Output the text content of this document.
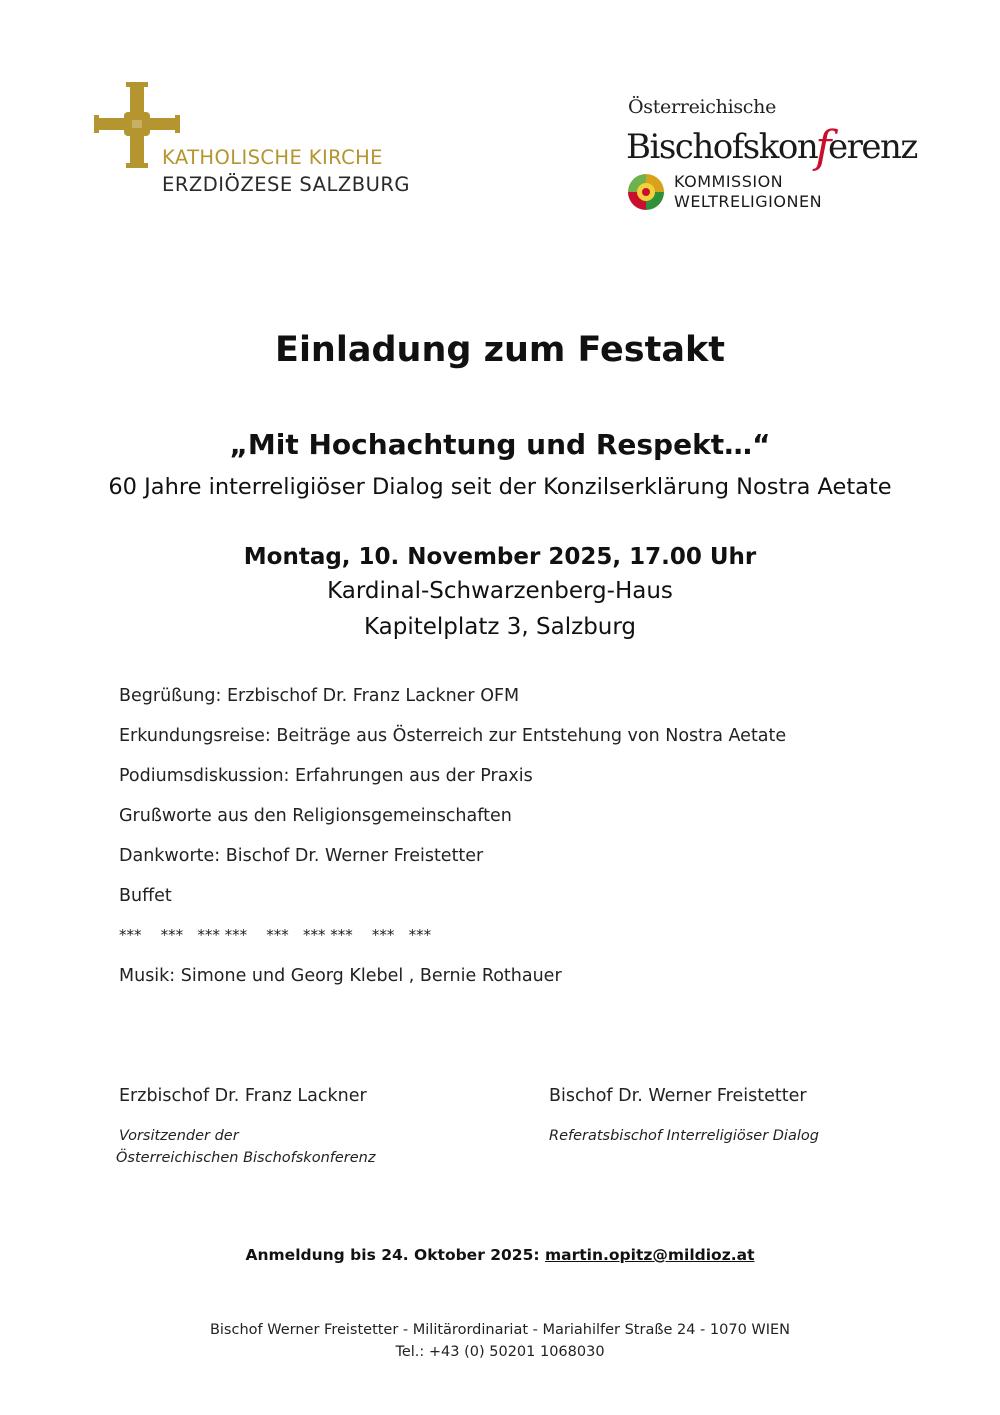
KATHOLISCHE KIRCHE
ERZDIÖZESE SALZBURG
Österreichische
Bischofskonferenz
KOMMISSION
WELTRELIGIONEN
Einladung zum Festakt
„Mit Hochachtung und Respekt…“
60 Jahre interreligiöser Dialog seit der Konzilserklärung Nostra Aetate
Montag, 10. November 2025, 17.00 Uhr
Kardinal-Schwarzenberg-Haus
Kapitelplatz 3, Salzburg
Begrüßung: Erzbischof Dr. Franz Lackner OFM
Erkundungsreise: Beiträge aus Österreich zur Entstehung von Nostra Aetate
Podiumsdiskussion: Erfahrungen aus der Praxis
Grußworte aus den Religionsgemeinschaften
Dankworte: Bischof Dr. Werner Freistetter
Buffet
***    ***   *** ***    ***   *** ***    ***   ***
Musik: Simone und Georg Klebel , Bernie Rothauer
Erzbischof Dr. Franz Lackner
Vorsitzender der
Österreichischen Bischofskonferenz
Bischof Dr. Werner Freistetter
Referatsbischof Interreligiöser Dialog
Anmeldung bis 24. Oktober 2025: martin.opitz@mildioz.at
Bischof Werner Freistetter - Militärordinariat - Mariahilfer Straße 24 - 1070 WIEN
Tel.: +43 (0) 50201 1068030
